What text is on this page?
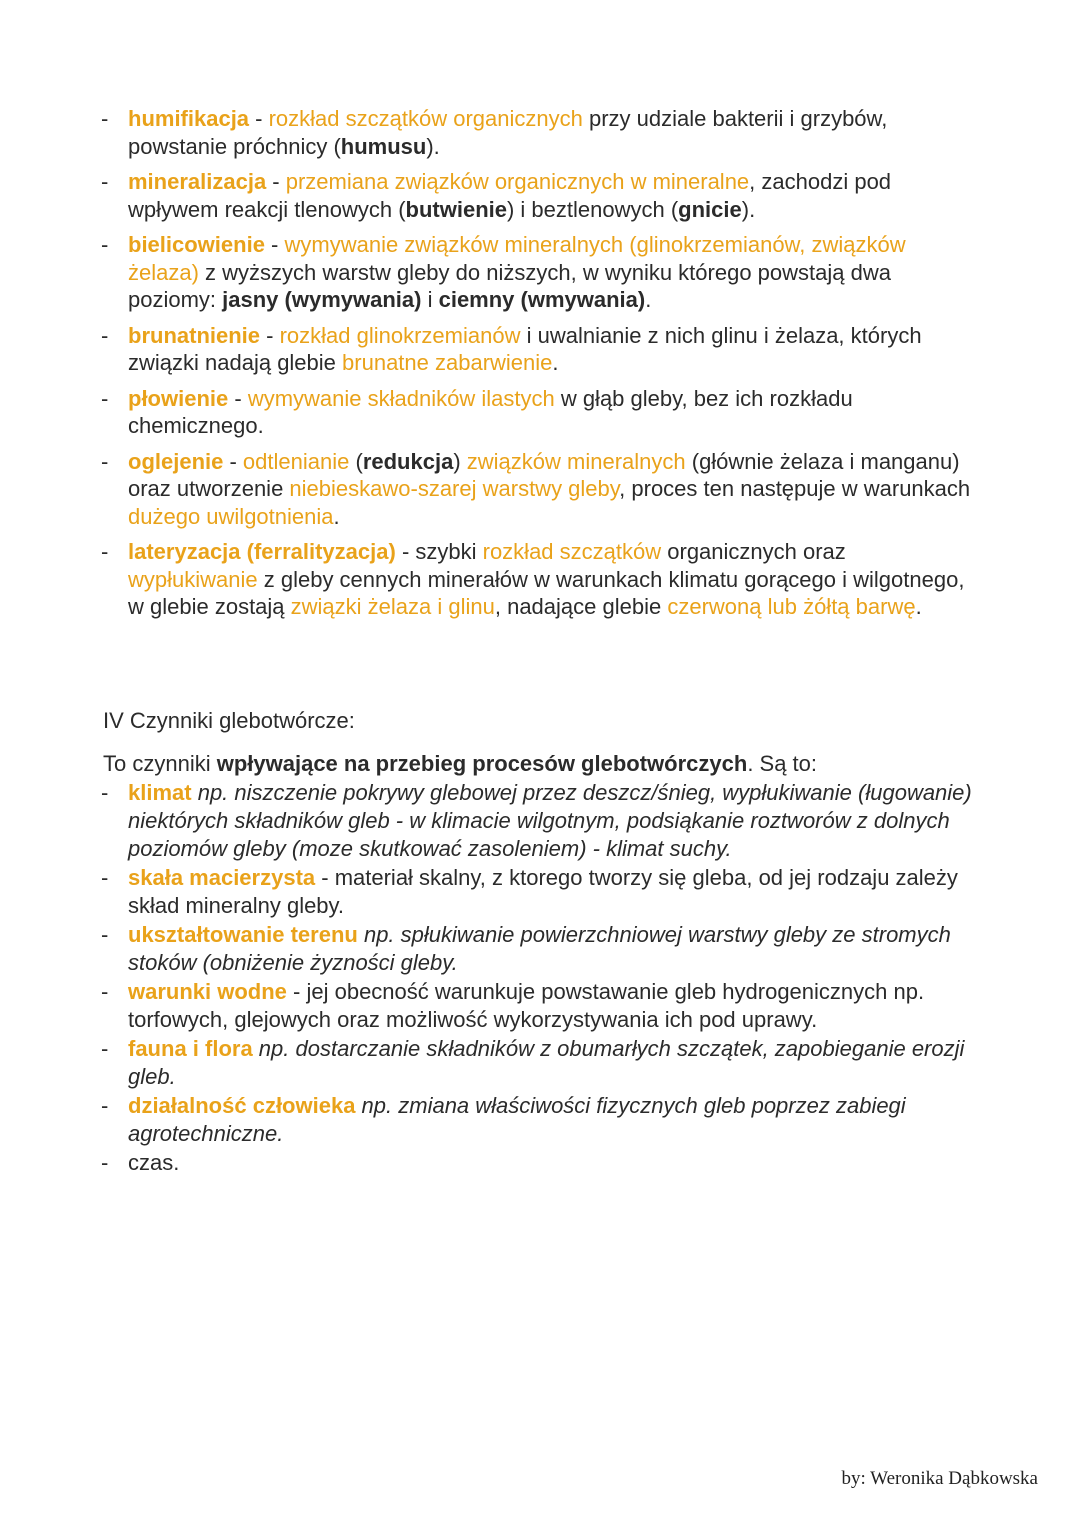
- humifikacja - rozkład szczątków organicznych przy udziale bakterii i grzybów, powstanie próchnicy (humusu).
- mineralizacja - przemiana związków organicznych w mineralne, zachodzi pod wpływem reakcji tlenowych (butwienie) i beztlenowych (gnicie).
- bielicowienie - wymywanie związków mineralnych (glinokrzemianów, związków żelaza) z wyższych warstw gleby do niższych, w wyniku którego powstają dwa poziomy: jasny (wymywania) i ciemny (wmywania).
- brunatnienie - rozkład glinokrzemianów i uwalnianie z nich glinu i żelaza, których związki nadają glebie brunatne zabarwienie.
- płowienie - wymywanie składników ilastych w głąb gleby, bez ich rozkładu chemicznego.
- oglejenie - odtlenianie (redukcja) związków mineralnych (głównie żelaza i manganu) oraz utworzenie niebieskawo-szarej warstwy gleby, proces ten następuje w warunkach dużego uwilgotnienia.
- lateryzacja (ferralityzacja) - szybki rozkład szczątków organicznych oraz wypłukiwanie z gleby cennych minerałów w warunkach klimatu gorącego i wilgotnego, w glebie zostają związki żelaza i glinu, nadające glebie czerwoną lub żółtą barwę.
IV Czynniki glebotwórcze:
To czynniki wpływające na przebieg procesów glebotwórczych. Są to:
- klimat np. niszczenie pokrywy glebowej przez deszcz/śnieg, wypłukiwanie (ługowanie) niektórych składników gleb - w klimacie wilgotnym, podsiąkanie roztworów z dolnych poziomów gleby (moze skutkować zasoleniem) - klimat suchy.
- skała macierzysta - materiał skalny, z ktorego tworzy się gleba, od jej rodzaju zależy skład mineralny gleby.
- ukształtowanie terenu np. spłukiwanie powierzchniowej warstwy gleby ze stromych stoków (obniżenie żyzności gleby.
- warunki wodne - jej obecność warunkuje powstawanie gleb hydrogenicznych np. torfowych, glejowych oraz możliwość wykorzystywania ich pod uprawy.
- fauna i flora np. dostarczanie składników z obumarłych szczątek, zapobieganie erozji gleb.
- działalność człowieka np. zmiana właściwości fizycznych gleb poprzez zabiegi agrotechniczne.
- czas.
by: Weronika Dąbkowska
